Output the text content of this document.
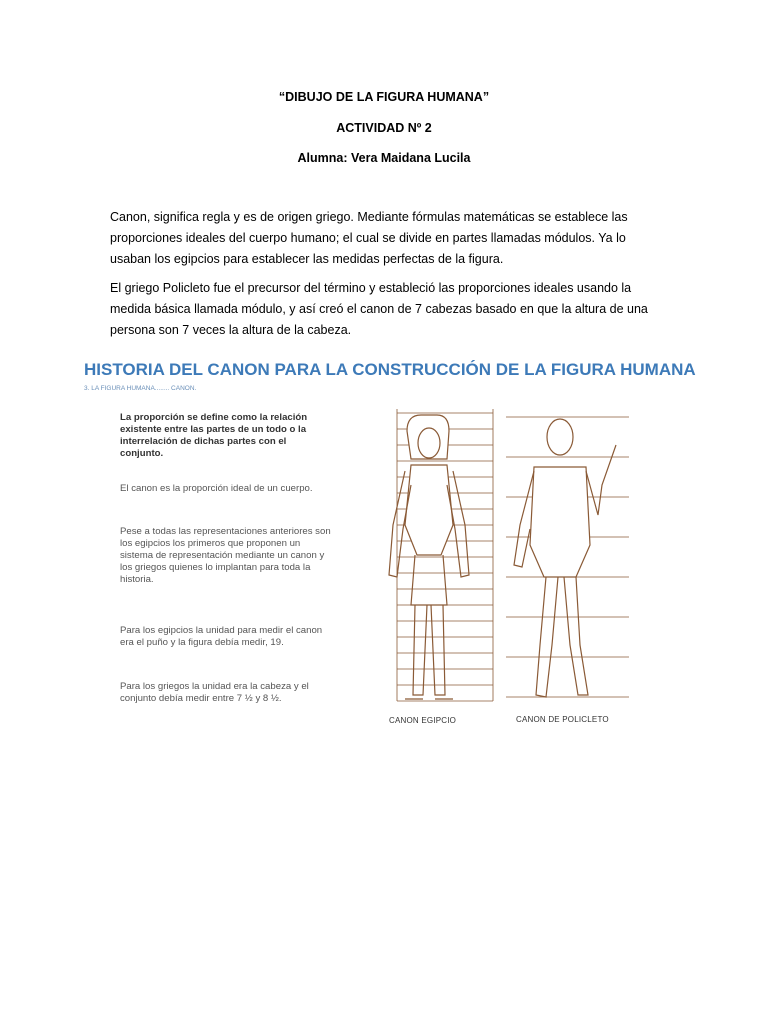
“DIBUJO DE LA FIGURA HUMANA”
ACTIVIDAD Nº 2
Alumna: Vera Maidana Lucila
Canon, significa regla y es de origen griego. Mediante fórmulas matemáticas se establece las proporciones ideales del cuerpo humano; el cual se divide en partes llamadas módulos. Ya lo usaban los egipcios para establecer las medidas perfectas de la figura.
El griego Policleto fue el precursor del término y estableció las proporciones ideales usando la medida básica llamada módulo, y así creó el canon de 7 cabezas basado en que la altura de una persona son 7 veces la altura de la cabeza.
HISTORIA DEL CANON PARA LA CONSTRUCCIÓN DE LA FIGURA HUMANA
3. LA FIGURA HUMANA........ CANON.
La proporción se define como la relación existente entre las partes de un todo o la interrelación de dichas partes con el conjunto.
El canon es la proporción ideal de un cuerpo.
Pese a todas las representaciones anteriores son los egipcios los primeros que proponen un sistema de representación mediante un canon y los griegos quienes lo implantan para toda la historia.
Para los egipcios la unidad para medir el canon era el puño y la figura debía medir, 19.
Para los griegos la unidad era la cabeza y el conjunto debía medir entre 7 ½ y 8 ½.
CANON EGIPCIO	CANON DE POLICLETO
